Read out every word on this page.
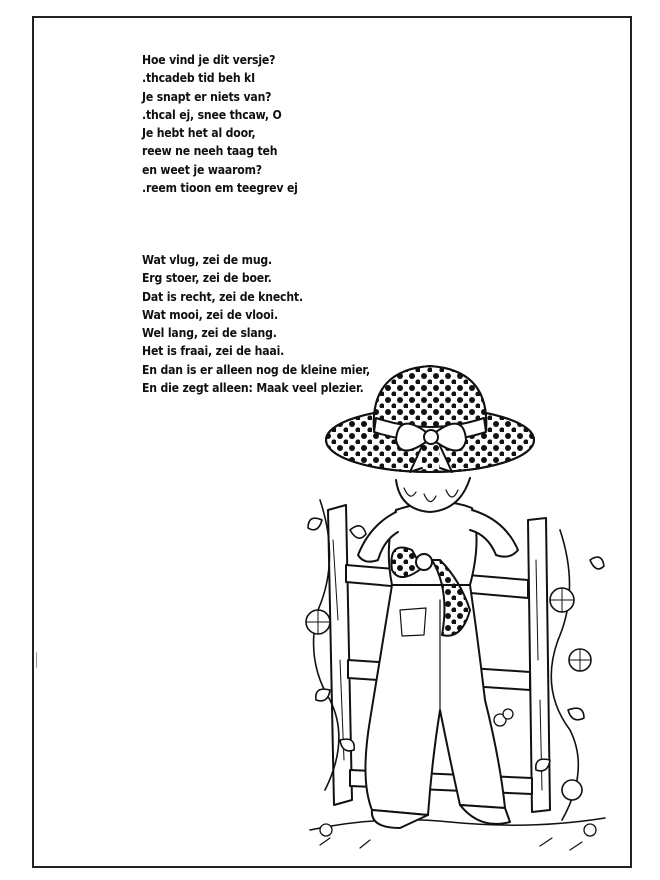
Hoe vind je dit versje?
.thcadeb tid beh kI
Je snapt er niets van?
.thcal ej, snee thcaw, O
Je hebt het al door,
reew ne neeh taag teh
en weet je waarom?
.reem tioon em teegrev ej
Wat vlug, zei de mug.
Erg stoer, zei de boer.
Dat is recht, zei de knecht.
Wat mooi, zei de vlooi.
Wel lang, zei de slang.
Het is fraai, zei de haai.
En dan is er alleen nog de kleine mier,
En die zegt alleen: Maak veel plezier.
